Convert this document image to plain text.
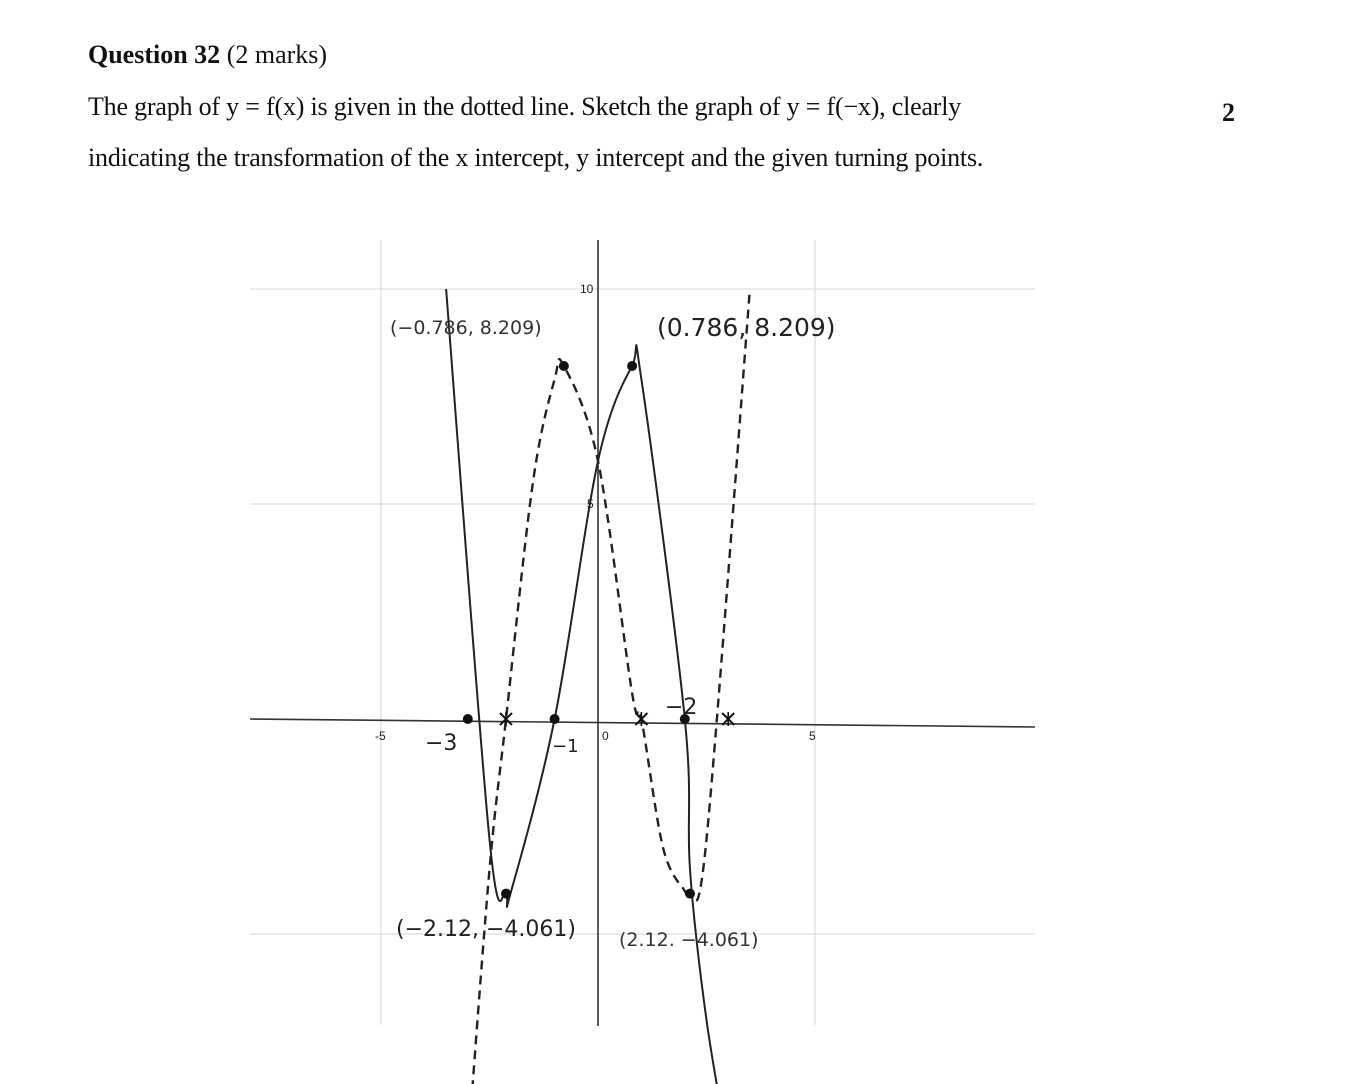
Question 32 (2 marks)
The graph of y = f(x) is given in the dotted line. Sketch the graph of y = f(−x), clearly
indicating the transformation of the x intercept, y intercept and the given turning points.
2
-5	0	5
10
5
(−0.786, 8.209)
(2.12. −4.061)
(0.786, 8.209)
(−2.12, −4.061)
−3	−1
−2
